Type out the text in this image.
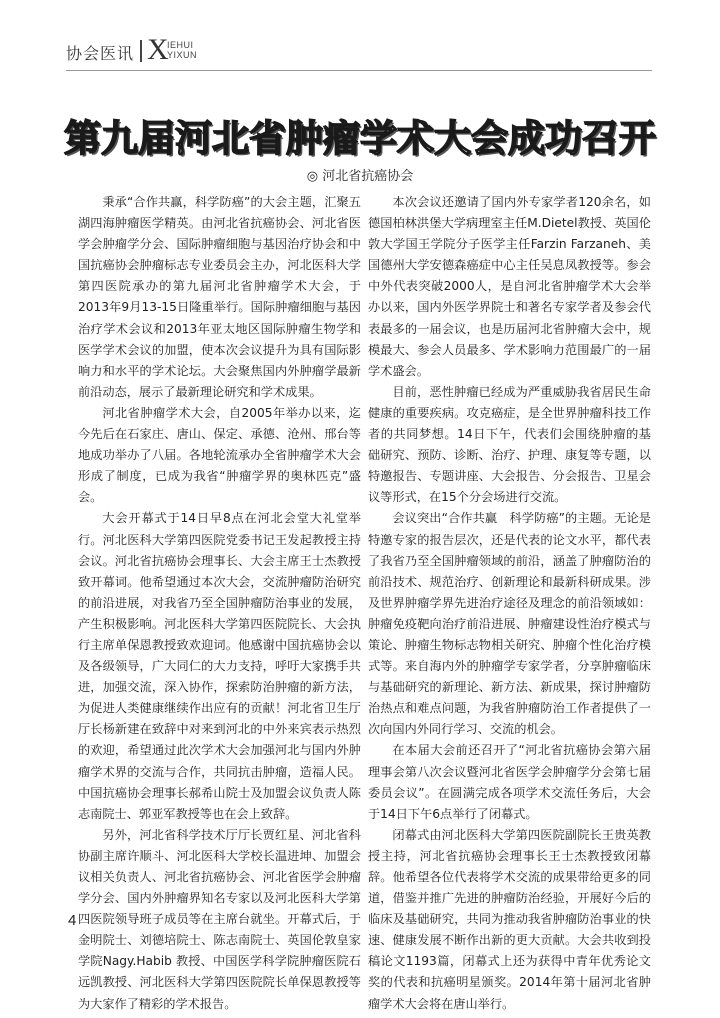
协会医讯 X
IEHUI
YIXUN
第九届河北省肿瘤学术大会成功召开
◎ 河北省抗癌协会

秉承“合作共赢，科学防癌”的大会主题，汇聚五湖四海肿瘤医学精英。由河北省抗癌协会、河北省医学会肿瘤学分会、国际肿瘤细胞与基因治疗协会和中国抗癌协会肿瘤标志专业委员会主办，河北医科大学第四医院承办的第九届河北省肿瘤学术大会，于2013年9月13-15日隆重举行。国际肿瘤细胞与基因治疗学术会议和2013年亚太地区国际肿瘤生物学和医学学术会议的加盟，使本次会议提升为具有国际影响力和水平的学术论坛。大会聚焦国内外肿瘤学最新前沿动态，展示了最新理论研究和学术成果。

河北省肿瘤学术大会，自2005年举办以来，迄今先后在石家庄、唐山、保定、承德、沧州、邢台等地成功举办了八届。各地轮流承办全省肿瘤学术大会形成了制度，已成为我省“肿瘤学界的奥林匹克”盛会。

大会开幕式于14日早8点在河北会堂大礼堂举行。河北医科大学第四医院党委书记王发起教授主持会议。河北省抗癌协会理事长、大会主席王士杰教授致开幕词。他希望通过本次大会，交流肿瘤防治研究的前沿进展，对我省乃至全国肿瘤防治事业的发展，产生积极影响。河北医科大学第四医院院长、大会执行主席单保恩教授致欢迎词。他感谢中国抗癌协会以及各级领导，广大同仁的大力支持，呼吁大家携手共进，加强交流，深入协作，探索防治肿瘤的新方法，为促进人类健康继续作出应有的贡献！河北省卫生厅厅长杨新建在致辞中对来到河北的中外来宾表示热烈的欢迎，希望通过此次学术大会加强河北与国内外肿瘤学术界的交流与合作，共同抗击肿瘤，造福人民。中国抗癌协会理事长郝希山院士及加盟会议负责人陈志南院士、郭亚军教授等也在会上致辞。

另外，河北省科学技术厅厅长贾红星、河北省科协副主席许顺斗、河北医科大学校长温进坤、加盟会议相关负责人、河北省抗癌协会、河北省医学会肿瘤学分会、国内外肿瘤界知名专家以及河北医科大学第四医院领导班子成员等在主席台就坐。开幕式后，于金明院士、刘德培院士、陈志南院士、英国伦敦皇家学院Nagy.Habib 教授、中国医学科学院肿瘤医院石远凯教授、河北医科大学第四医院院长单保恩教授等为大家作了精彩的学术报告。

本次会议还邀请了国内外专家学者120余名，如德国柏林洪堡大学病理室主任M.Dietel教授、英国伦敦大学国王学院分子医学主任Farzin Farzaneh、美国德州大学安德森癌症中心主任吴息凤教授等。参会中外代表突破2000人，是自河北省肿瘤学术大会举办以来，国内外医学界院士和著名专家学者及参会代表最多的一届会议，也是历届河北省肿瘤大会中，规模最大、参会人员最多、学术影响力范围最广的一届学术盛会。

目前，恶性肿瘤已经成为严重威胁我省居民生命健康的重要疾病。攻克癌症，是全世界肿瘤科技工作者的共同梦想。14日下午，代表们会围绕肿瘤的基础研究、预防、诊断、治疗、护理、康复等专题，以特邀报告、专题讲座、大会报告、分会报告、卫星会议等形式，在15个分会场进行交流。

会议突出“合作共赢　科学防癌”的主题。无论是特邀专家的报告层次，还是代表的论文水平，都代表了我省乃至全国肿瘤领域的前沿，涵盖了肿瘤防治的前沿技术、规范治疗、创新理论和最新科研成果。涉及世界肿瘤学界先进治疗途径及理念的前沿领域如：肿瘤免疫靶向治疗前沿进展、肿瘤建设性治疗模式与策论、肿瘤生物标志物相关研究、肿瘤个性化治疗模式等。来自海内外的肿瘤学专家学者，分享肿瘤临床与基础研究的新理论、新方法、新成果，探讨肿瘤防治热点和难点问题，为我省肿瘤防治工作者提供了一次向国内外同行学习、交流的机会。

在本届大会前还召开了“河北省抗癌协会第六届理事会第八次会议暨河北省医学会肿瘤学分会第七届委员会议”。在圆满完成各项学术交流任务后，大会于14日下午6点举行了闭幕式。

闭幕式由河北医科大学第四医院副院长王贵英教授主持，河北省抗癌协会理事长王士杰教授致闭幕辞。他希望各位代表将学术交流的成果带给更多的同道，借鉴并推广先进的肿瘤防治经验，开展好今后的临床及基础研究，共同为推动我省肿瘤防治事业的快速、健康发展不断作出新的更大贡献。大会共收到投稿论文1193篇，闭幕式上还为获得中青年优秀论文奖的代表和抗癌明星颁奖。2014年第十届河北省肿瘤学术大会将在唐山举行。

4
